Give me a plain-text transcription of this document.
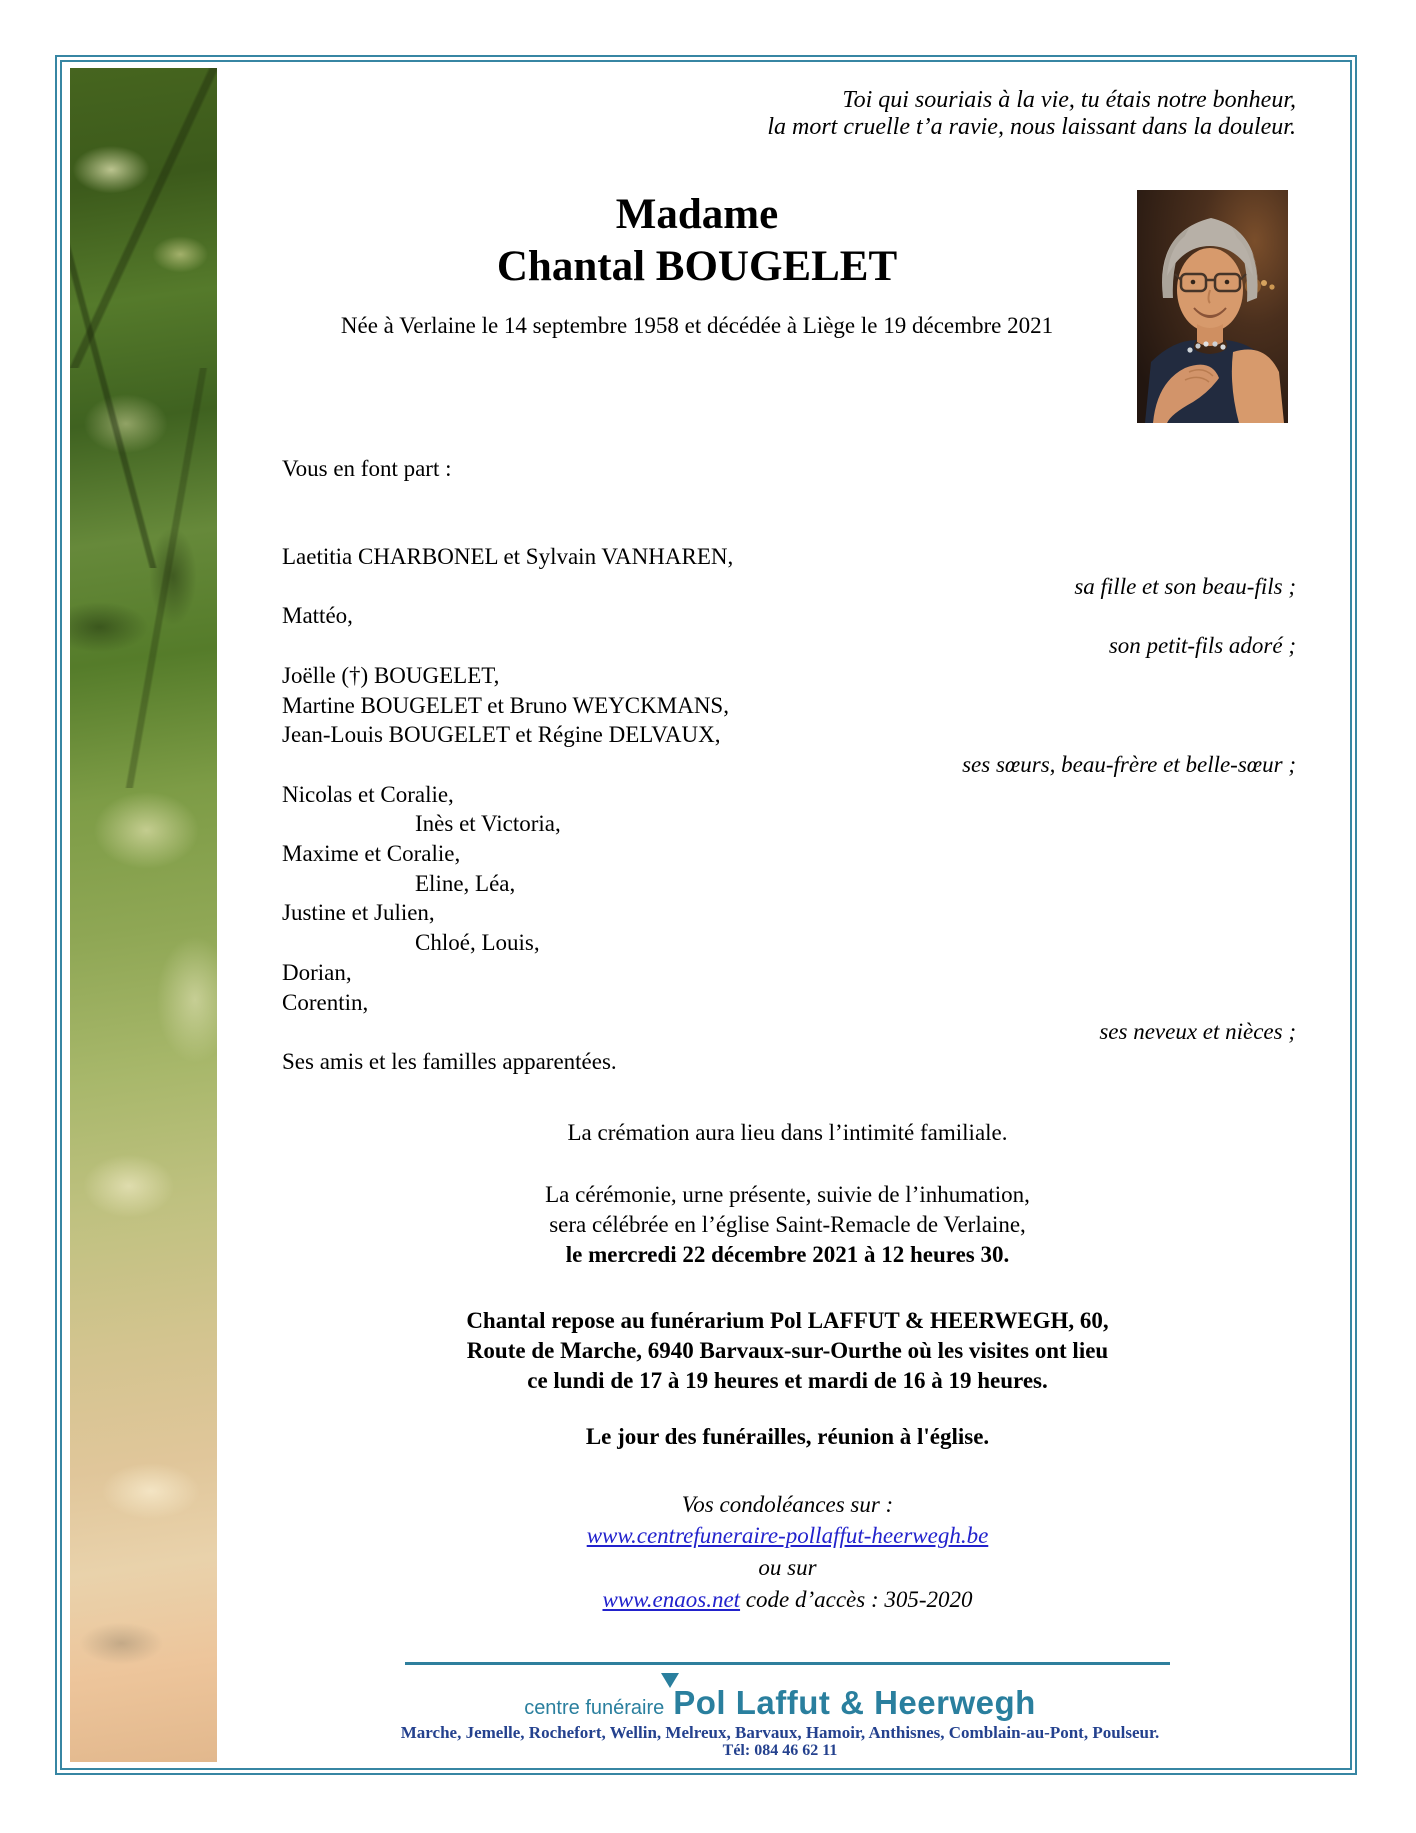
Toi qui souriais à la vie, tu étais notre bonheur,
la mort cruelle t’a ravie, nous laissant dans la douleur.
Madame
Chantal BOUGELET
Née à Verlaine le 14 septembre 1958 et décédée à Liège le 19 décembre 2021
Vous en font part :
Laetitia CHARBONEL et Sylvain VANHAREN,
sa fille et son beau-fils ;
Mattéo,
son petit-fils adoré ;
Joëlle (†) BOUGELET,
Martine BOUGELET et Bruno WEYCKMANS,
Jean-Louis BOUGELET et Régine DELVAUX,
ses sœurs, beau-frère et belle-sœur ;
Nicolas et Coralie,
Inès et Victoria,
Maxime et Coralie,
Eline, Léa,
Justine et Julien,
Chloé, Louis,
Dorian,
Corentin,
ses neveux et nièces ;
Ses amis et les familles apparentées.
La crémation aura lieu dans l’intimité familiale.
La cérémonie, urne présente, suivie de l’inhumation,
sera célébrée en l’église Saint-Remacle de Verlaine,
le mercredi 22 décembre 2021 à 12 heures 30.
Chantal repose au funérarium Pol LAFFUT & HEERWEGH, 60,
Route de Marche, 6940 Barvaux-sur-Ourthe où les visites ont lieu
ce lundi de 17 à 19 heures et mardi de 16 à 19 heures.
Le jour des funérailles, réunion à l'église.
Vos condoléances sur :
www.centrefuneraire-pollaffut-heerwegh.be
ou sur
www.enaos.net code d’accès : 305-2020
centre funéraire Pol Laffut & Heerwegh
Marche, Jemelle, Rochefort, Wellin, Melreux, Barvaux, Hamoir, Anthisnes, Comblain-au-Pont, Poulseur.
Tél: 084 46 62 11
